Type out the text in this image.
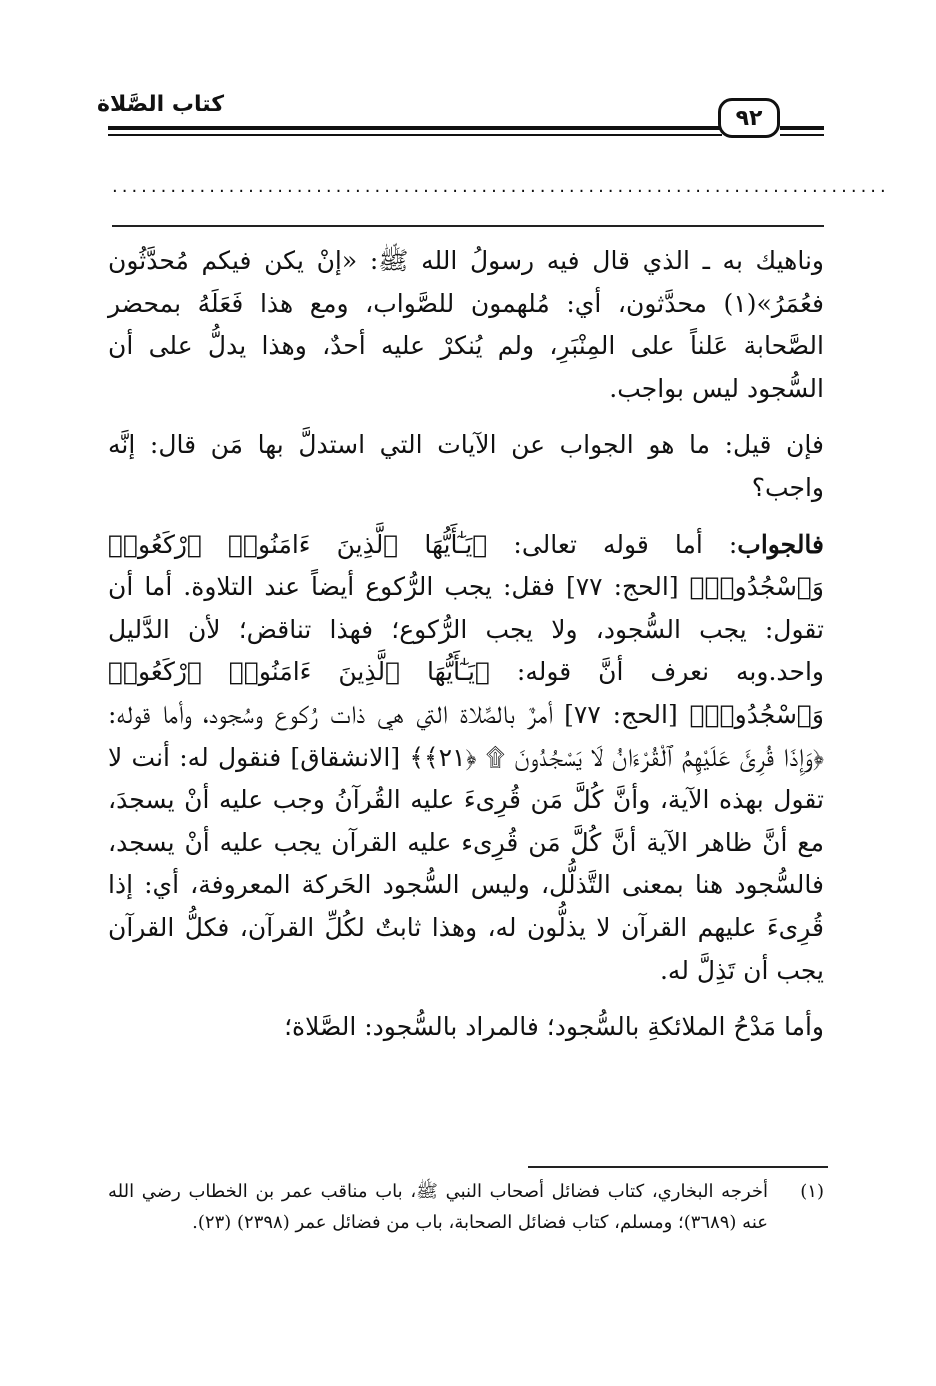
كتاب الصَّلاة
٩٢
................................................................................

وناهيك به ـ الذي قال فيه رسولُ الله ﷺ: «إنْ يكن فيكم مُحدَّثُون فعُمَرُ»(١) محدَّثون، أي: مُلهمون للصَّواب، ومع هذا فَعَلَهُ بمحضر الصَّحابة عَلناً على المِنْبَرِ، ولم يُنكرْ عليه أحدٌ، وهذا يدلُّ على أن السُّجود ليس بواجب.

فإن قيل: ما هو الجواب عن الآيات التي استدلَّ بها مَن قال: إنَّه واجب؟

فالجواب: أما قوله تعالى: ﴿يَـٰٓأَيُّهَا ٱلَّذِينَ ءَامَنُوا۟ ٱرْكَعُوا۟ وَٱسْجُدُوا۟﴾ [الحج: ٧٧] فقل: يجب الرُّكوع أيضاً عند التلاوة. أما أن تقول: يجب السُّجود، ولا يجب الرُّكوع؛ فهذا تناقض؛ لأن الدَّليل واحد.وبه نعرف أنَّ قوله: ﴿يَـٰٓأَيُّهَا ٱلَّذِينَ ءَامَنُوا۟ ٱرْكَعُوا۟ وَٱسْجُدُوا۟﴾ [الحج: ٧٧] أمرٌ بالصَّلاة التي هي ذات رُكوع وسُجود، وأما قوله: ﴿وَإِذَا قُرِئَ عَلَيْهِمُ ٱلْقُرْءَانُ لَا يَسْجُدُونَ ۩ ﴿٢١﴾﴾ [الانشقاق] فنقول له: أنت لا تقول بهذه الآية، وأنَّ كُلَّ مَن قُرِىءَ عليه القُرآنُ وجب عليه أنْ يسجدَ، مع أنَّ ظاهر الآية أنَّ كُلَّ مَن قُرِىء عليه القرآن يجب عليه أنْ يسجد، فالسُّجود هنا بمعنى التَّذلُّل، وليس السُّجود الحَركة المعروفة، أي: إذا قُرِىءَ عليهم القرآن لا يذلُّون له، وهذا ثابتٌ لكُلِّ القرآن، فكلُّ القرآن يجب أن تَذِلَّ له.

وأما مَدْحُ الملائكةِ بالسُّجود؛ فالمراد بالسُّجود: الصَّلاة؛

(١)
أخرجه البخاري، كتاب فضائل أصحاب النبي ﷺ، باب مناقب عمر بن الخطاب رضي الله عنه (٣٦٨٩)؛ ومسلم، كتاب فضائل الصحابة، باب من فضائل عمر (٢٣٩٨) (٢٣).
